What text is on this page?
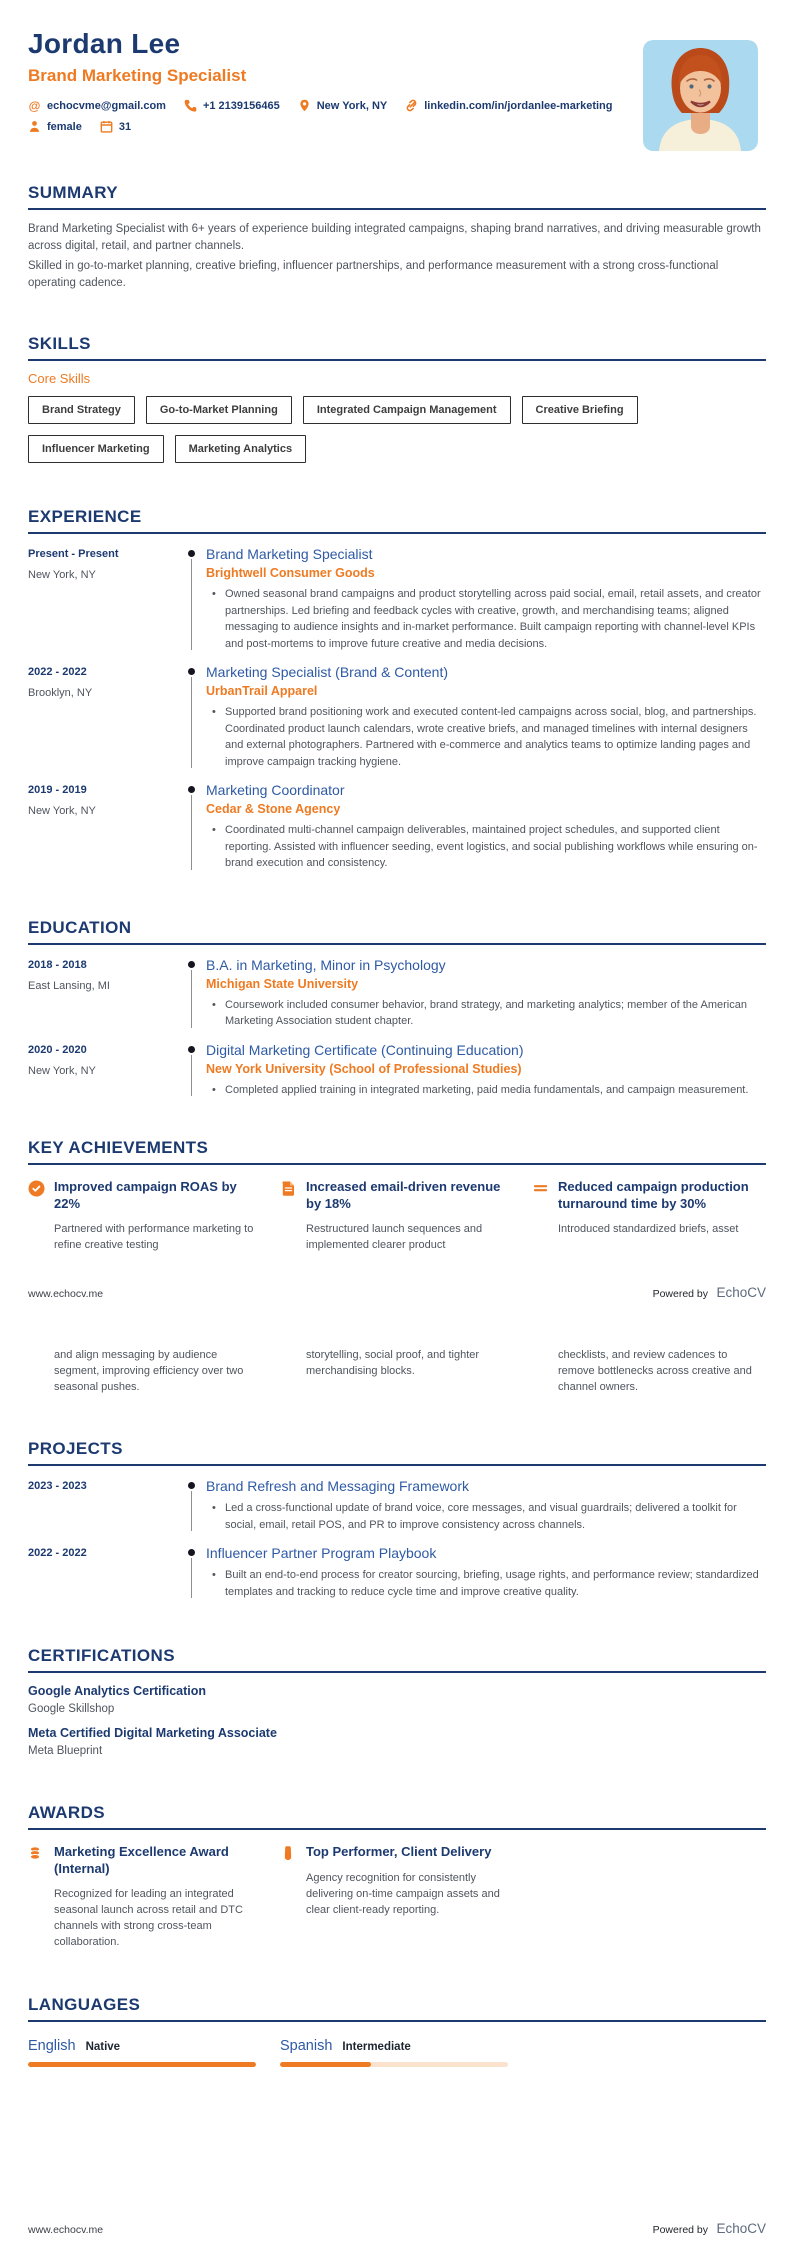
Jordan Lee
Brand Marketing Specialist
@ echocvme@gmail.com	+1 2139156465	New York, NY	linkedin.com/in/jordanlee-marketing
female	31
SUMMARY
Brand Marketing Specialist with 6+ years of experience building integrated campaigns, shaping brand narratives, and driving measurable growth across digital, retail, and partner channels.
Skilled in go-to-market planning, creative briefing, influencer partnerships, and performance measurement with a strong cross-functional operating cadence.
SKILLS
Core Skills
Brand Strategy	Go-to-Market Planning	Integrated Campaign Management	Creative Briefing
Influencer Marketing	Marketing Analytics
EXPERIENCE
Present - Present
New York, NY
Brand Marketing Specialist
Brightwell Consumer Goods
• Owned seasonal brand campaigns and product storytelling across paid social, email, retail assets, and creator partnerships. Led briefing and feedback cycles with creative, growth, and merchandising teams; aligned messaging to audience insights and in-market performance. Built campaign reporting with channel-level KPIs and post-mortems to improve future creative and media decisions.
2022 - 2022
Brooklyn, NY
Marketing Specialist (Brand & Content)
UrbanTrail Apparel
• Supported brand positioning work and executed content-led campaigns across social, blog, and partnerships. Coordinated product launch calendars, wrote creative briefs, and managed timelines with internal designers and external photographers. Partnered with e-commerce and analytics teams to optimize landing pages and improve campaign tracking hygiene.
2019 - 2019
New York, NY
Marketing Coordinator
Cedar & Stone Agency
• Coordinated multi-channel campaign deliverables, maintained project schedules, and supported client reporting. Assisted with influencer seeding, event logistics, and social publishing workflows while ensuring on-brand execution and consistency.
EDUCATION
2018 - 2018
East Lansing, MI
B.A. in Marketing, Minor in Psychology
Michigan State University
• Coursework included consumer behavior, brand strategy, and marketing analytics; member of the American Marketing Association student chapter.
2020 - 2020
New York, NY
Digital Marketing Certificate (Continuing Education)
New York University (School of Professional Studies)
• Completed applied training in integrated marketing, paid media fundamentals, and campaign measurement.
KEY ACHIEVEMENTS
Improved campaign ROAS by 22%
Partnered with performance marketing to refine creative testing
Increased email-driven revenue by 18%
Restructured launch sequences and implemented clearer product
Reduced campaign production turnaround time by 30%
Introduced standardized briefs, asset
www.echocv.me	Powered by EchoCV
and align messaging by audience segment, improving efficiency over two seasonal pushes.
storytelling, social proof, and tighter merchandising blocks.
checklists, and review cadences to remove bottlenecks across creative and channel owners.
PROJECTS
2023 - 2023	Brand Refresh and Messaging Framework
• Led a cross-functional update of brand voice, core messages, and visual guardrails; delivered a toolkit for social, email, retail POS, and PR to improve consistency across channels.
2022 - 2022	Influencer Partner Program Playbook
• Built an end-to-end process for creator sourcing, briefing, usage rights, and performance review; standardized templates and tracking to reduce cycle time and improve creative quality.
CERTIFICATIONS
Google Analytics Certification
Google Skillshop
Meta Certified Digital Marketing Associate
Meta Blueprint
AWARDS
Marketing Excellence Award (Internal)
Recognized for leading an integrated seasonal launch across retail and DTC channels with strong cross-team collaboration.
Top Performer, Client Delivery
Agency recognition for consistently delivering on-time campaign assets and clear client-ready reporting.
LANGUAGES
English Native	Spanish Intermediate
www.echocv.me	Powered by EchoCV
